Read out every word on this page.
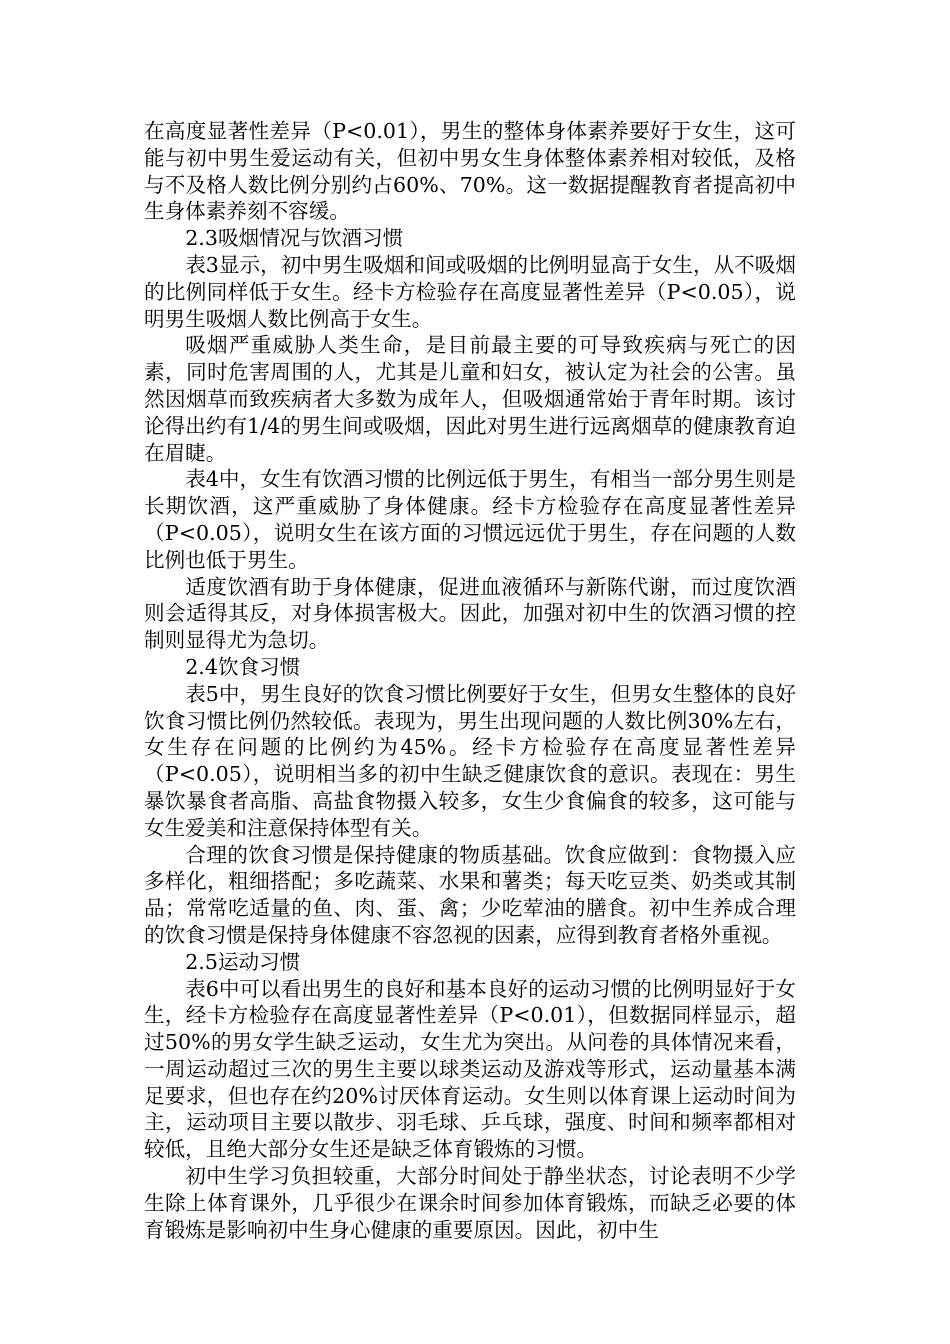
在高度显著性差异（P<0.01），男生的整体身体素养要好于女生，这可能与初中男生爱运动有关，但初中男女生身体整体素养相对较低，及格与不及格人数比例分别约占60%、70%。这一数据提醒教育者提高初中生身体素养刻不容缓。

2.3吸烟情况与饮酒习惯

表3显示，初中男生吸烟和间或吸烟的比例明显高于女生，从不吸烟的比例同样低于女生。经卡方检验存在高度显著性差异（P<0.05），说明男生吸烟人数比例高于女生。

吸烟严重威胁人类生命，是目前最主要的可导致疾病与死亡的因素，同时危害周围的人，尤其是儿童和妇女，被认定为社会的公害。虽然因烟草而致疾病者大多数为成年人，但吸烟通常始于青年时期。该讨论得出约有1/4的男生间或吸烟，因此对男生进行远离烟草的健康教育迫在眉睫。

表4中，女生有饮酒习惯的比例远低于男生，有相当一部分男生则是长期饮酒，这严重威胁了身体健康。经卡方检验存在高度显著性差异（P<0.05），说明女生在该方面的习惯远远优于男生，存在问题的人数比例也低于男生。

适度饮酒有助于身体健康，促进血液循环与新陈代谢，而过度饮酒则会适得其反，对身体损害极大。因此，加强对初中生的饮酒习惯的控制则显得尤为急切。

2.4饮食习惯

表5中，男生良好的饮食习惯比例要好于女生，但男女生整体的良好饮食习惯比例仍然较低。表现为，男生出现问题的人数比例30%左右，女生存在问题的比例约为45%。经卡方检验存在高度显著性差异（P<0.05），说明相当多的初中生缺乏健康饮食的意识。表现在：男生暴饮暴食者高脂、高盐食物摄入较多，女生少食偏食的较多，这可能与女生爱美和注意保持体型有关。

合理的饮食习惯是保持健康的物质基础。饮食应做到：食物摄入应多样化，粗细搭配；多吃蔬菜、水果和薯类；每天吃豆类、奶类或其制品；常常吃适量的鱼、肉、蛋、禽；少吃荤油的膳食。初中生养成合理的饮食习惯是保持身体健康不容忽视的因素，应得到教育者格外重视。

2.5运动习惯

表6中可以看出男生的良好和基本良好的运动习惯的比例明显好于女生，经卡方检验存在高度显著性差异（P<0.01），但数据同样显示，超过50%的男女学生缺乏运动，女生尤为突出。从问卷的具体情况来看，一周运动超过三次的男生主要以球类运动及游戏等形式，运动量基本满足要求，但也存在约20%讨厌体育运动。女生则以体育课上运动时间为主，运动项目主要以散步、羽毛球、乒乓球，强度、时间和频率都相对较低，且绝大部分女生还是缺乏体育锻炼的习惯。

初中生学习负担较重，大部分时间处于静坐状态，讨论表明不少学生除上体育课外，几乎很少在课余时间参加体育锻炼，而缺乏必要的体育锻炼是影响初中生身心健康的重要原因。因此，初中生
